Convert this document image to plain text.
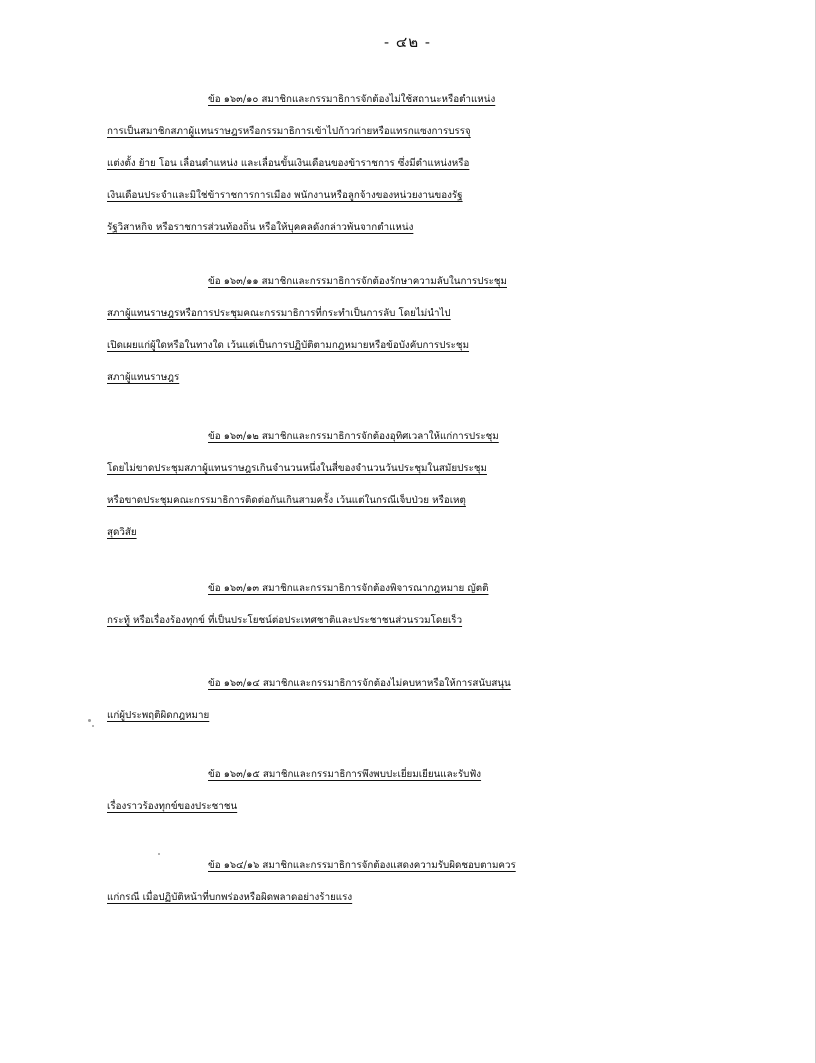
- ๔๒ -
ข้อ ๑๖๓/๑๐ สมาชิกและกรรมาธิการจักต้องไม่ใช้สถานะหรือตำแหน่ง
การเป็นสมาชิกสภาผู้แทนราษฎรหรือกรรมาธิการเข้าไปก้าวก่ายหรือแทรกแซงการบรรจุ
แต่งตั้ง ย้าย โอน เลื่อนตำแหน่ง และเลื่อนขั้นเงินเดือนของข้าราชการ ซึ่งมีตำแหน่งหรือ
เงินเดือนประจำและมิใช่ข้าราชการการเมือง พนักงานหรือลูกจ้างของหน่วยงานของรัฐ
รัฐวิสาหกิจ หรือราชการส่วนท้องถิ่น หรือให้บุคคลดังกล่าวพ้นจากตำแหน่ง
ข้อ ๑๖๓/๑๑ สมาชิกและกรรมาธิการจักต้องรักษาความลับในการประชุม
สภาผู้แทนราษฎรหรือการประชุมคณะกรรมาธิการที่กระทำเป็นการลับ โดยไม่นำไป
เปิดเผยแก่ผู้ใดหรือในทางใด เว้นแต่เป็นการปฏิบัติตามกฎหมายหรือข้อบังคับการประชุม
สภาผู้แทนราษฎร
ข้อ ๑๖๓/๑๒ สมาชิกและกรรมาธิการจักต้องอุทิศเวลาให้แก่การประชุม
โดยไม่ขาดประชุมสภาผู้แทนราษฎรเกินจำนวนหนึ่งในสี่ของจำนวนวันประชุมในสมัยประชุม
หรือขาดประชุมคณะกรรมาธิการติดต่อกันเกินสามครั้ง เว้นแต่ในกรณีเจ็บป่วย หรือเหตุ
สุดวิสัย
ข้อ ๑๖๓/๑๓ สมาชิกและกรรมาธิการจักต้องพิจารณากฎหมาย ญัตติ
กระทู้ หรือเรื่องร้องทุกข์ ที่เป็นประโยชน์ต่อประเทศชาติและประชาชนส่วนรวมโดยเร็ว
ข้อ ๑๖๓/๑๔ สมาชิกและกรรมาธิการจักต้องไม่คบหาหรือให้การสนับสนุน
แก่ผู้ประพฤติผิดกฎหมาย
ข้อ ๑๖๓/๑๕ สมาชิกและกรรมาธิการพึงพบปะเยี่ยมเยียนและรับฟัง
เรื่องราวร้องทุกข์ของประชาชน
ข้อ ๑๖๔/๑๖ สมาชิกและกรรมาธิการจักต้องแสดงความรับผิดชอบตามควร
แก่กรณี เมื่อปฏิบัติหน้าที่บกพร่องหรือผิดพลาดอย่างร้ายแรง
